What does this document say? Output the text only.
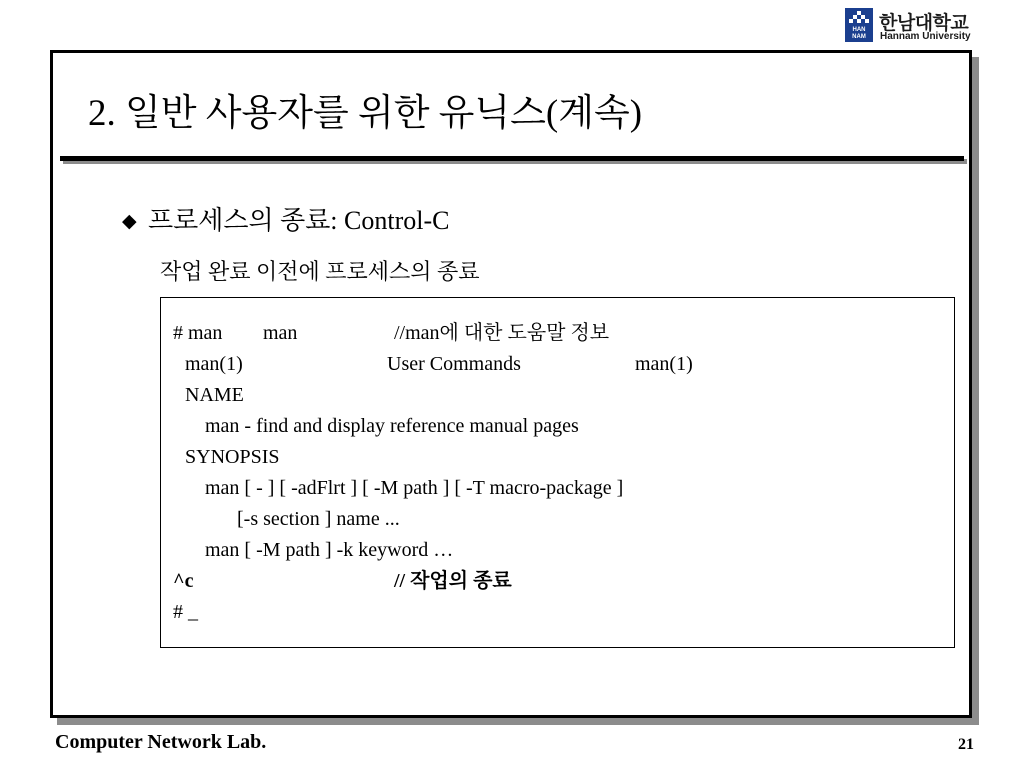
HAN
NAM
한남대학교
Hannam University
2. 일반 사용자를 위한 유닉스(계속)
◆프로세스의 종료: Control-C
작업 완료 이전에 프로세스의 종료
# man man	//man에 대한 도움말 정보
man(1)	User Commands	man(1)
NAME
man - find and display reference manual pages
SYNOPSIS
man [ - ] [ -adFlrt ] [ -M path ] [ -T macro-package ]
[-s section ] name ...
man [ -M path ] -k keyword …
^c	// 작업의 종료
# _
Computer Network Lab.	21
